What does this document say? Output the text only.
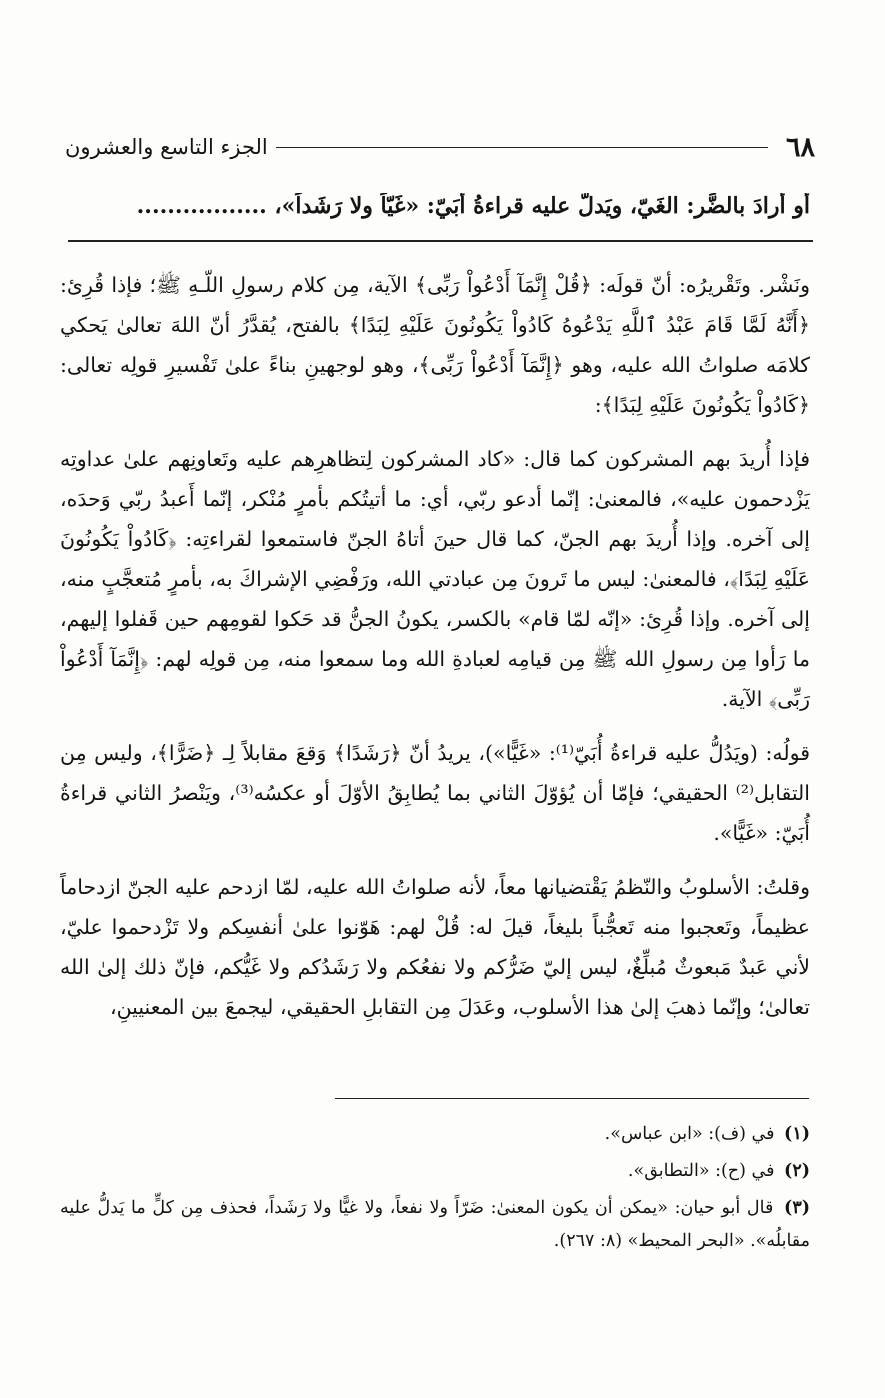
٦٨
الجزء التاسع والعشرون
أو أرادَ بالضَّر: الغَيّ، ويَدلُّ عليه قراءةُ أُبَيّ: «غَيّاً ولا رَشَداً»، .................

ونَشْر. وتَقْريرُه: أنّ قولَه: ﴿قُلْ إِنَّمَآ أَدْعُواْ رَبِّى﴾ الآية، مِن كلام رسولِ اللّـهِ ﷺ؛ فإذا قُرِئ: ﴿أَنَّهُ لَمَّا قَامَ عَبْدُ ٱللَّهِ يَدْعُوهُ كَادُواْ يَكُونُونَ عَلَيْهِ لِبَدًا﴾ بالفتح، يُقدَّرُ أنّ اللهَ تعالىٰ يَحكي كلامَه صلواتُ الله عليه، وهو ﴿إِنَّمَآ أَدْعُواْ رَبِّى﴾، وهو لوجهينِ بناءً علىٰ تَفْسيرِ قولِه تعالى: ﴿كَادُواْ يَكُونُونَ عَلَيْهِ لِبَدًا﴾:

فإذا أُريدَ بهم المشركون كما قال: «كاد المشركون لِتظاهرِهم عليه وتَعاونِهم علىٰ عداوتِه يَزْدحمون عليه»، فالمعنىٰ: إنّما أدعو ربّي، أي: ما أتيتُكم بأمرٍ مُنْكر، إنّما أَعبدُ ربّي وَحدَه، إلى آخره. وإذا أُريدَ بهم الجنّ، كما قال حينَ أتاهُ الجنّ فاستمعوا لقراءتِه: ﴿كَادُواْ يَكُونُونَ عَلَيْهِ لِبَدًا﴾، فالمعنىٰ: ليس ما تَرونَ مِن عبادتي الله، ورَفْضِي الإشراكَ به، بأمرٍ مُتعجَّبٍ منه، إلى آخره. وإذا قُرِئ: «إنّه لمّا قام» بالكسر، يكونُ الجنُّ قد حَكوا لقومِهم حين قَفلوا إليهم، ما رَأوا مِن رسولِ الله ﷺ مِن قيامِه لعبادةِ الله وما سمعوا منه، مِن قولِه لهم: ﴿إِنَّمَآ أَدْعُواْ رَبِّى﴾ الآية.

قولُه: (ويَدُلُّ عليه قراءةُ أُبَيّ⁽¹⁾: «غَيًّا»)، يريدُ أنّ ﴿رَشَدًا﴾ وَقعَ مقابلاً لِـ ﴿ضَرًّا﴾، وليس مِن التقابل⁽²⁾ الحقيقي؛ فإمّا أن يُؤوّلَ الثاني بما يُطابِقُ الأوّلَ أو عكسُه⁽³⁾، ويَنْصرُ الثاني قراءةُ أُبَيّ: «غَيًّا».

وقلتُ: الأسلوبُ والنّظمُ يَقْتضيانها معاً، لأنه صلواتُ الله عليه، لمّا ازدحم عليه الجنّ ازدحاماً عظيماً، وتَعجبوا منه تَعجُّباً بليغاً، قيلَ له: قُلْ لهم: هَوّنوا علىٰ أنفسِكم ولا تَزْدحموا عليّ، لأني عَبدٌ مَبعوثٌ مُبلِّغٌ، ليس إليّ ضَرُّكم ولا نفعُكم ولا رَشَدُكم ولا غَيُّكم، فإنّ ذلك إلىٰ الله تعالىٰ؛ وإنّما ذهبَ إلىٰ هذا الأسلوب، وعَدَلَ مِن التقابلِ الحقيقي، ليجمعَ بين المعنيينِ،

(١) في (ف): «ابن عباس».

(٢) في (ح): «التطابق».

(٣) قال أبو حيان: «يمكن أن يكون المعنىٰ: ضَرّاً ولا نفعاً، ولا غيًّا ولا رَشَداً، فحذف مِن كلٍّ ما يَدلُّ عليه مقابلُه». «البحر المحيط» (٨: ٢٦٧).
